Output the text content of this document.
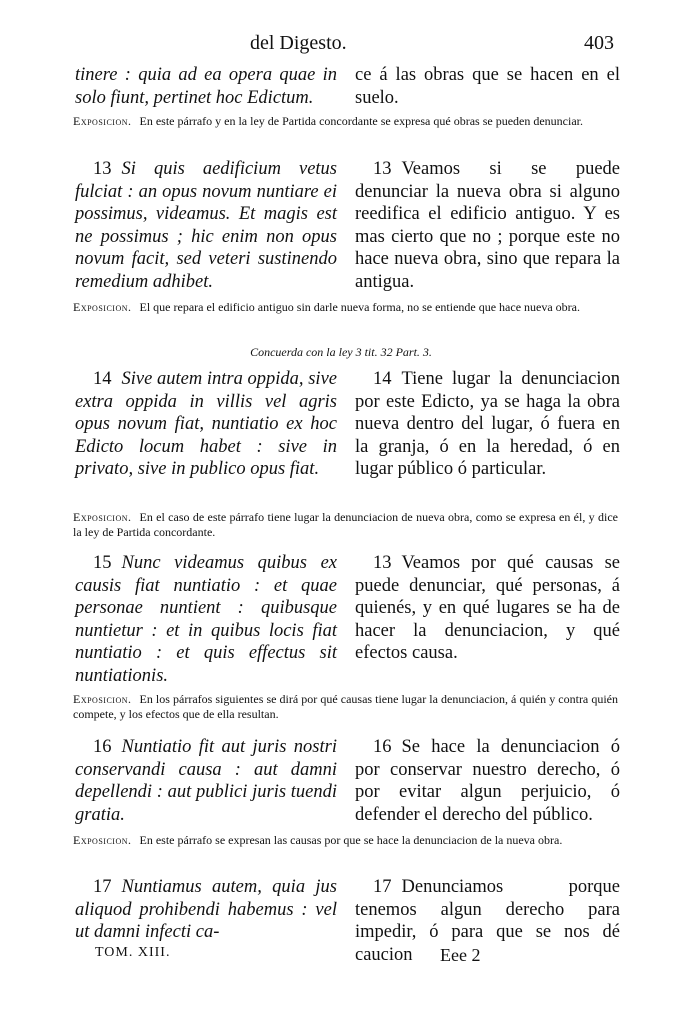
del Digesto.	403

tinere : quia ad ea opera quae in solo fiunt, pertinet hoc Edictum.

ce á las obras que se hacen en el suelo.

Exposicion. En este párrafo y en la ley de Partida concordante se expresa qué obras se pueden denunciar.

13 Si quis aedificium vetus fulciat : an opus novum nuntiare ei possimus, videamus. Et magis est ne possimus ; hic enim non opus novum facit, sed veteri sustinendo remedium adhibet.

13 Veamos si se puede denunciar la nueva obra si alguno reedifica el edificio antiguo. Y es mas cierto que no ; porque este no hace nueva obra, sino que repara la antigua.

Exposicion. El que repara el edificio antiguo sin darle nueva forma, no se entiende que hace nueva obra.
Concuerda con la ley 3 tit. 32 Part. 3.

14 Sive autem intra oppida, sive extra oppida in villis vel agris opus novum fiat, nuntiatio ex hoc Edicto locum habet : sive in privato, sive in publico opus fiat.

14 Tiene lugar la denunciacion por este Edicto, ya se haga la obra nueva dentro del lugar, ó fuera en la granja, ó en la heredad, ó en lugar público ó particular.

Exposicion. En el caso de este párrafo tiene lugar la denunciacion de nueva obra, como se expresa en él, y dice la ley de Partida concordante.

15 Nunc videamus quibus ex causis fiat nuntiatio : et quae personae nuntient : quibusque nuntietur : et in quibus locis fiat nuntiatio : et quis effectus sit nuntiationis.

13 Veamos por qué causas se puede denunciar, qué personas, á quienés, y en qué lugares se ha de hacer la denunciacion, y qué efectos causa.

Exposicion. En los párrafos siguientes se dirá por qué causas tiene lugar la denunciacion, á quién y contra quién compete, y los efectos que de ella resultan.

16 Nuntiatio fit aut juris nostri conservandi causa : aut damni depellendi : aut publici juris tuendi gratia.

16 Se hace la denunciacion ó por conservar nuestro derecho, ó por evitar algun perjuicio, ó defender el derecho del público.

Exposicion. En este párrafo se expresan las causas por que se hace la denunciacion de la nueva obra.

17 Nuntiamus autem, quia jus aliquod prohibendi habemus : vel ut damni infecti ca-

17 Denunciamos porque tenemos algun derecho para impedir, ó para que se nos dé caucion

TOM. XIII.	Eee 2
